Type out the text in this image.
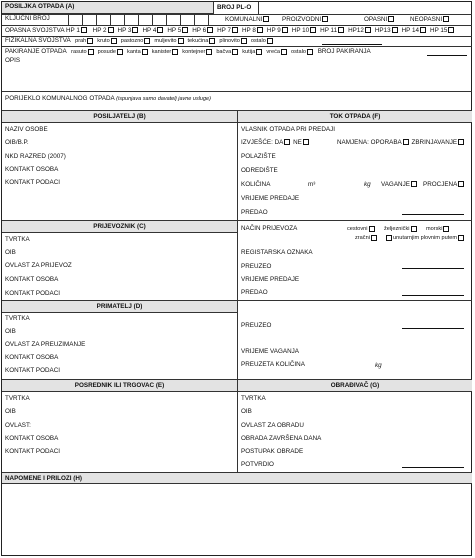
POSILJKA OTPADA (A)	BROJ PL-O
KLJUČNI BROJ	KOMUNALNI	PROIZVODNI	OPASNI	NEOPASNI
OPASNA SVOJSTVA HP 1 HP 2 HP 3 HP 4 HP 5 HP 6 HP 7 HP 8 HP 9 HP 10 HP 11 HP12 HP13 HP 14 HP 15
FIZIKALNA SVOJSTVA prah kruto pastozno muljevito tekućina plinovito ostalo
PAKIRANJE OTPADA rasuto posude kanta kanister kontejner bačva kutija vreća ostalo BROJ PAKIRANJA
OPIS
PORIJEKLO KOMUNALNOG OTPADA (ispunjava samo davatelj javne usluge)
POSILJATELJ (B)	TOK OTPADA (F)
NAZIV OSOBE
OIB/B.P.
NKD RAZRED (2007)
KONTAKT OSOBA
KONTAKT PODACI
VLASNIK OTPADA PRI PREDAJI
IZVJEŠĆE: DA NE	NAMJENA: OPORABA ZBRINJAVANJE
POLAZIŠTE
ODREDIŠTE
KOLIČINA	m³	kg VAGANJE	PROCJENA
VRIJEME PREDAJE
PREDAO
PRIJEVOZNIK (C)
TVRTKA
OIB
OVLAST ZA PRIJEVOZ
KONTAKT OSOBA
KONTAKT PODACI
NAČIN PRIJEVOZA	cestovni	željeznički	morski
zračni	unutarnjim plovnim putem
REGISTARSKA OZNAKA
PREUZEO
VRIJEME PREDAJE
PREDAO
PRIMATELJ (D)
TVRTKA
OIB
OVLAST ZA PREUZIMANJE
KONTAKT OSOBA
KONTAKT PODACI
PREUZEO
VRIJEME VAGANJA
PREUZETA KOLIČINA	kg
POSREDNIK ILI TRGOVAC (E)	OBRAĐIVAČ (G)
TVRTKA
OIB
OVLAST:
KONTAKT OSOBA
KONTAKT PODACI
TVRTKA
OIB
OVLAST ZA OBRADU
OBRADA ZAVRŠENA DANA
POSTUPAK OBRADE
POTVRDIO
NAPOMENE I PRILOZI (H)
